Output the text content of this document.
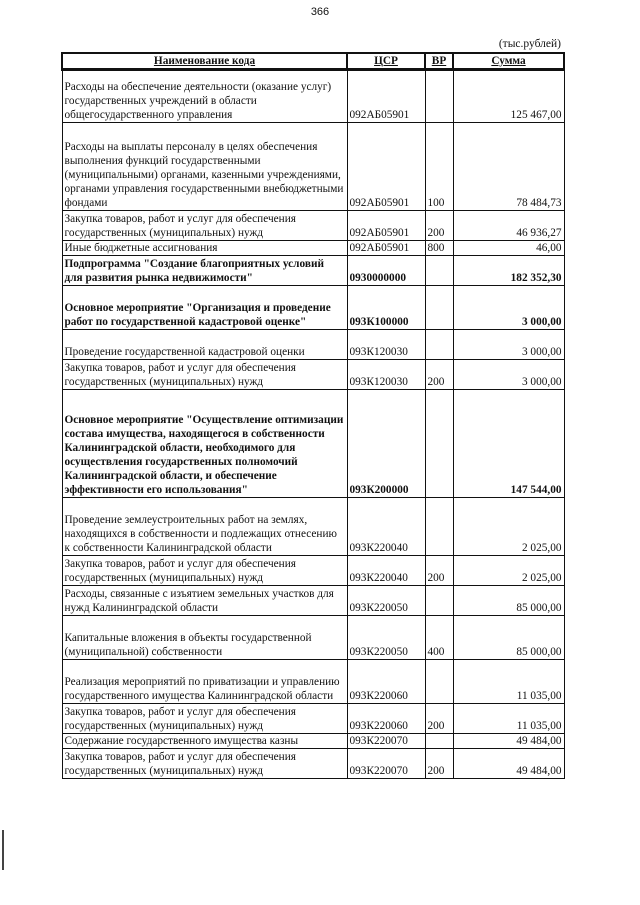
366
(тыс.рублей)
Наименование кода	ЦСР	ВР	Сумма

Расходы на обеспечение деятельности (оказание услуг) государственных учреждений в области общегосударственного управления	092АБ05901		125 467,00
Расходы на выплаты персоналу в целях обеспечения выполнения функций государственными (муниципальными) органами, казенными учреждениями, органами управления государственными внебюджетными фондами	092АБ05901	100	78 484,73
Закупка товаров, работ и услуг для обеспечения государственных (муниципальных) нужд	092АБ05901	200	46 936,27
Иные бюджетные ассигнования	092АБ05901	800	46,00
Подпрограмма "Создание благоприятных условий для развития рынка недвижимости"	0930000000		182 352,30
Основное мероприятие "Организация и проведение работ по государственной кадастровой оценке"	093К100000		3 000,00
Проведение государственной кадастровой оценки	093К120030		3 000,00
Закупка товаров, работ и услуг для обеспечения государственных (муниципальных) нужд	093К120030	200	3 000,00
Основное мероприятие "Осуществление оптимизации состава имущества, находящегося в собственности Калининградской области, необходимого для осуществления государственных полномочий Калининградской области, и обеспечение эффективности его использования"	093К200000		147 544,00
Проведение землеустроительных работ на землях, находящихся в собственности и подлежащих отнесению к собственности Калининградской области	093К220040		2 025,00
Закупка товаров, работ и услуг для обеспечения государственных (муниципальных) нужд	093К220040	200	2 025,00
Расходы, связанные с изъятием земельных участков для нужд Калининградской области	093К220050		85 000,00
Капитальные вложения в объекты государственной (муниципальной) собственности	093К220050	400	85 000,00
Реализация мероприятий по приватизации и управлению государственного имущества Калининградской области	093К220060		11 035,00
Закупка товаров, работ и услуг для обеспечения государственных (муниципальных) нужд	093К220060	200	11 035,00
Содержание государственного имущества казны	093К220070		49 484,00
Закупка товаров, работ и услуг для обеспечения государственных (муниципальных) нужд	093К220070	200	49 484,00
